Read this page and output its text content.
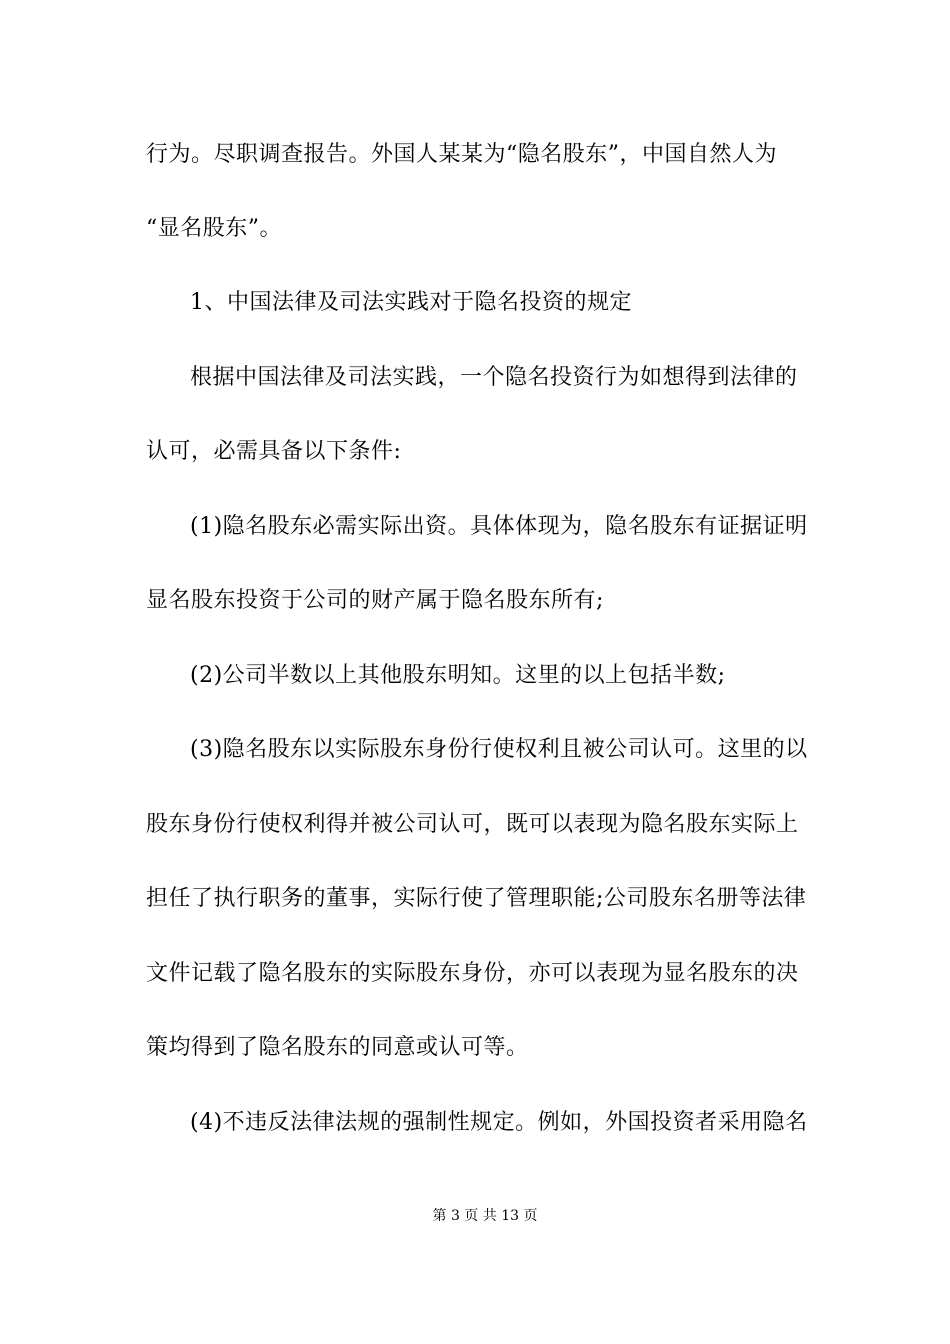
行为。尽职调查报告。外国人某某为“隐名股东”，中国自然人为
“显名股东”。
1、中国法律及司法实践对于隐名投资的规定
根据中国法律及司法实践，一个隐名投资行为如想得到法律的
认可，必需具备以下条件:
(1)隐名股东必需实际出资。具体体现为，隐名股东有证据证明
显名股东投资于公司的财产属于隐名股东所有;
(2)公司半数以上其他股东明知。这里的以上包括半数;
(3)隐名股东以实际股东身份行使权利且被公司认可。这里的以
股东身份行使权利得并被公司认可，既可以表现为隐名股东实际上
担任了执行职务的董事，实际行使了管理职能;公司股东名册等法律
文件记载了隐名股东的实际股东身份，亦可以表现为显名股东的决
策均得到了隐名股东的同意或认可等。
(4)不违反法律法规的强制性规定。例如，外国投资者采用隐名
第 3 页 共 13 页
